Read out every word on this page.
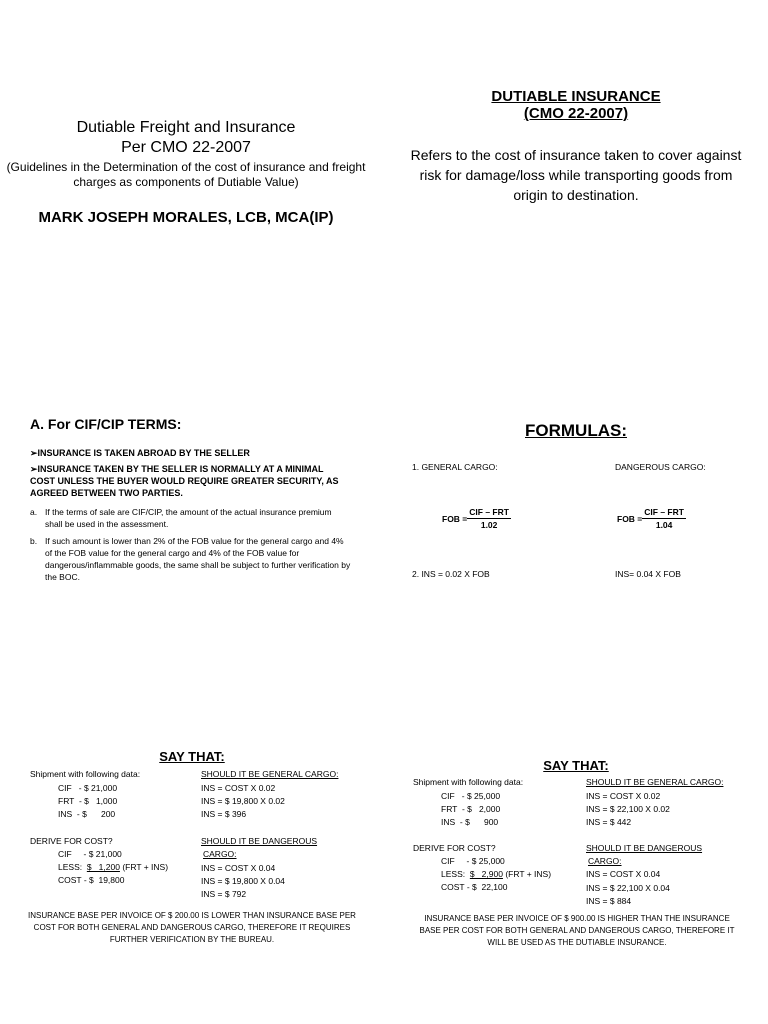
Dutiable Freight and Insurance
Per CMO 22-2007
(Guidelines in the Determination of the cost of insurance and freight charges as components of Dutiable Value)
MARK JOSEPH MORALES, LCB, MCA(IP)
DUTIABLE INSURANCE
(CMO 22-2007)
Refers to the cost of insurance taken to cover against risk for damage/loss while transporting goods from origin to destination.
A. For CIF/CIP TERMS:
➢INSURANCE IS TAKEN ABROAD BY THE SELLER
➢INSURANCE TAKEN BY THE SELLER IS NORMALLY AT A MINIMAL COST UNLESS THE BUYER WOULD REQUIRE GREATER SECURITY, AS AGREED BETWEEN TWO PARTIES.
a. If the terms of sale are CIF/CIP, the amount of the actual insurance premium shall be used in the assessment.
b. If such amount is lower than 2% of the FOB value for the general cargo and 4% of the FOB value for the general cargo and 4% of the FOB value for dangerous/inflammable goods, the same shall be subject to further verification by the BOC.
FORMULAS:
1. GENERAL CARGO:	DANGEROUS CARGO:
FOB = $\frac{\text{CIF – FRT}}{1.02}$	FOB = $\frac{\text{CIF – FRT}}{1.04}$
2. INS = 0.02 X FOB	INS= 0.04 X FOB
SAY THAT:
Shipment with following data:
CIF   - $ 21,000
FRT  - $   1,000
INS  - $      200
SHOULD IT BE GENERAL CARGO:
INS = COST X 0.02
INS = $ 19,800 X 0.02
INS = $ 396
DERIVE FOR COST?
CIF     - $ 21,000
LESS: $   1,200 (FRT + INS)
COST - $  19,800
SHOULD IT BE DANGEROUS
CARGO:
INS = COST X 0.04
INS = $ 19,800 X 0.04
INS = $ 792
INSURANCE BASE PER INVOICE OF $ 200.00 IS LOWER THAN INSURANCE BASE PER COST FOR BOTH GENERAL AND DANGEROUS CARGO, THEREFORE IT REQUIRES FURTHER VERIFICATION BY THE BUREAU.
SAY THAT:
Shipment with following data:
CIF   - $ 25,000
FRT  - $   2,000
INS  - $      900
SHOULD IT BE GENERAL CARGO:
INS = COST X 0.02
INS = $ 22,100 X 0.02
INS = $ 442
DERIVE FOR COST?
CIF     - $ 25,000
LESS: $   2,900 (FRT + INS)
COST - $  22,100
SHOULD IT BE DANGEROUS
CARGO:
INS = COST X 0.04
INS = $ 22,100 X 0.04
INS = $ 884
INSURANCE BASE PER INVOICE OF $ 900.00 IS HIGHER THAN THE INSURANCE BASE PER COST FOR BOTH GENERAL AND DANGEROUS CARGO, THEREFORE IT WILL BE USED AS THE DUTIABLE INSURANCE.
